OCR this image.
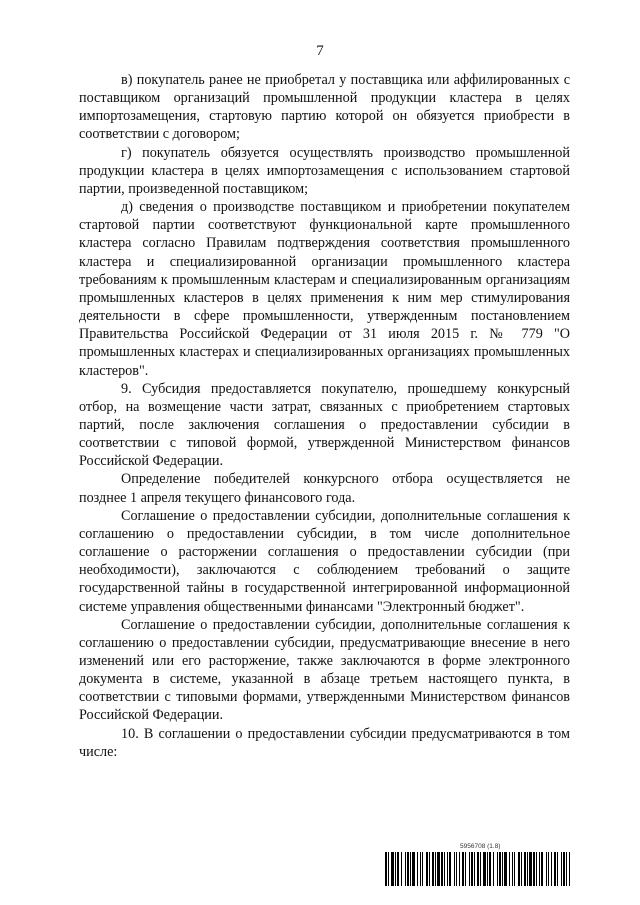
7

в) покупатель ранее не приобретал у поставщика или аффилированных с поставщиком организаций промышленной продукции кластера в целях импортозамещения, стартовую партию которой он обязуется приобрести в соответствии с договором;

г) покупатель обязуется осуществлять производство промышленной продукции кластера в целях импортозамещения с использованием стартовой партии, произведенной поставщиком;

д) сведения о производстве поставщиком и приобретении покупателем стартовой партии соответствуют функциональной карте промышленного кластера согласно Правилам подтверждения соответствия промышленного кластера и специализированной организации промышленного кластера требованиям к промышленным кластерам и специализированным организациям промышленных кластеров в целях применения к ним мер стимулирования деятельности в сфере промышленности, утвержденным постановлением Правительства Российской Федерации от 31 июля 2015 г. № 779 "О промышленных кластерах и специализированных организациях промышленных кластеров".

9. Субсидия предоставляется покупателю, прошедшему конкурсный отбор, на возмещение части затрат, связанных с приобретением стартовых партий, после заключения соглашения о предоставлении субсидии в соответствии с типовой формой, утвержденной Министерством финансов Российской Федерации.

Определение победителей конкурсного отбора осуществляется не позднее 1 апреля текущего финансового года.

Соглашение о предоставлении субсидии, дополнительные соглашения к соглашению о предоставлении субсидии, в том числе дополнительное соглашение о расторжении соглашения о предоставлении субсидии (при необходимости), заключаются с соблюдением требований о защите государственной тайны в государственной интегрированной информационной системе управления общественными финансами "Электронный бюджет".

Соглашение о предоставлении субсидии, дополнительные соглашения к соглашению о предоставлении субсидии, предусматривающие внесение в него изменений или его расторжение, также заключаются в форме электронного документа в системе, указанной в абзаце третьем настоящего пункта, в соответствии с типовыми формами, утвержденными Министерством финансов Российской Федерации.

10. В соглашении о предоставлении субсидии предусматриваются в том числе:

5956708 (1.8)
